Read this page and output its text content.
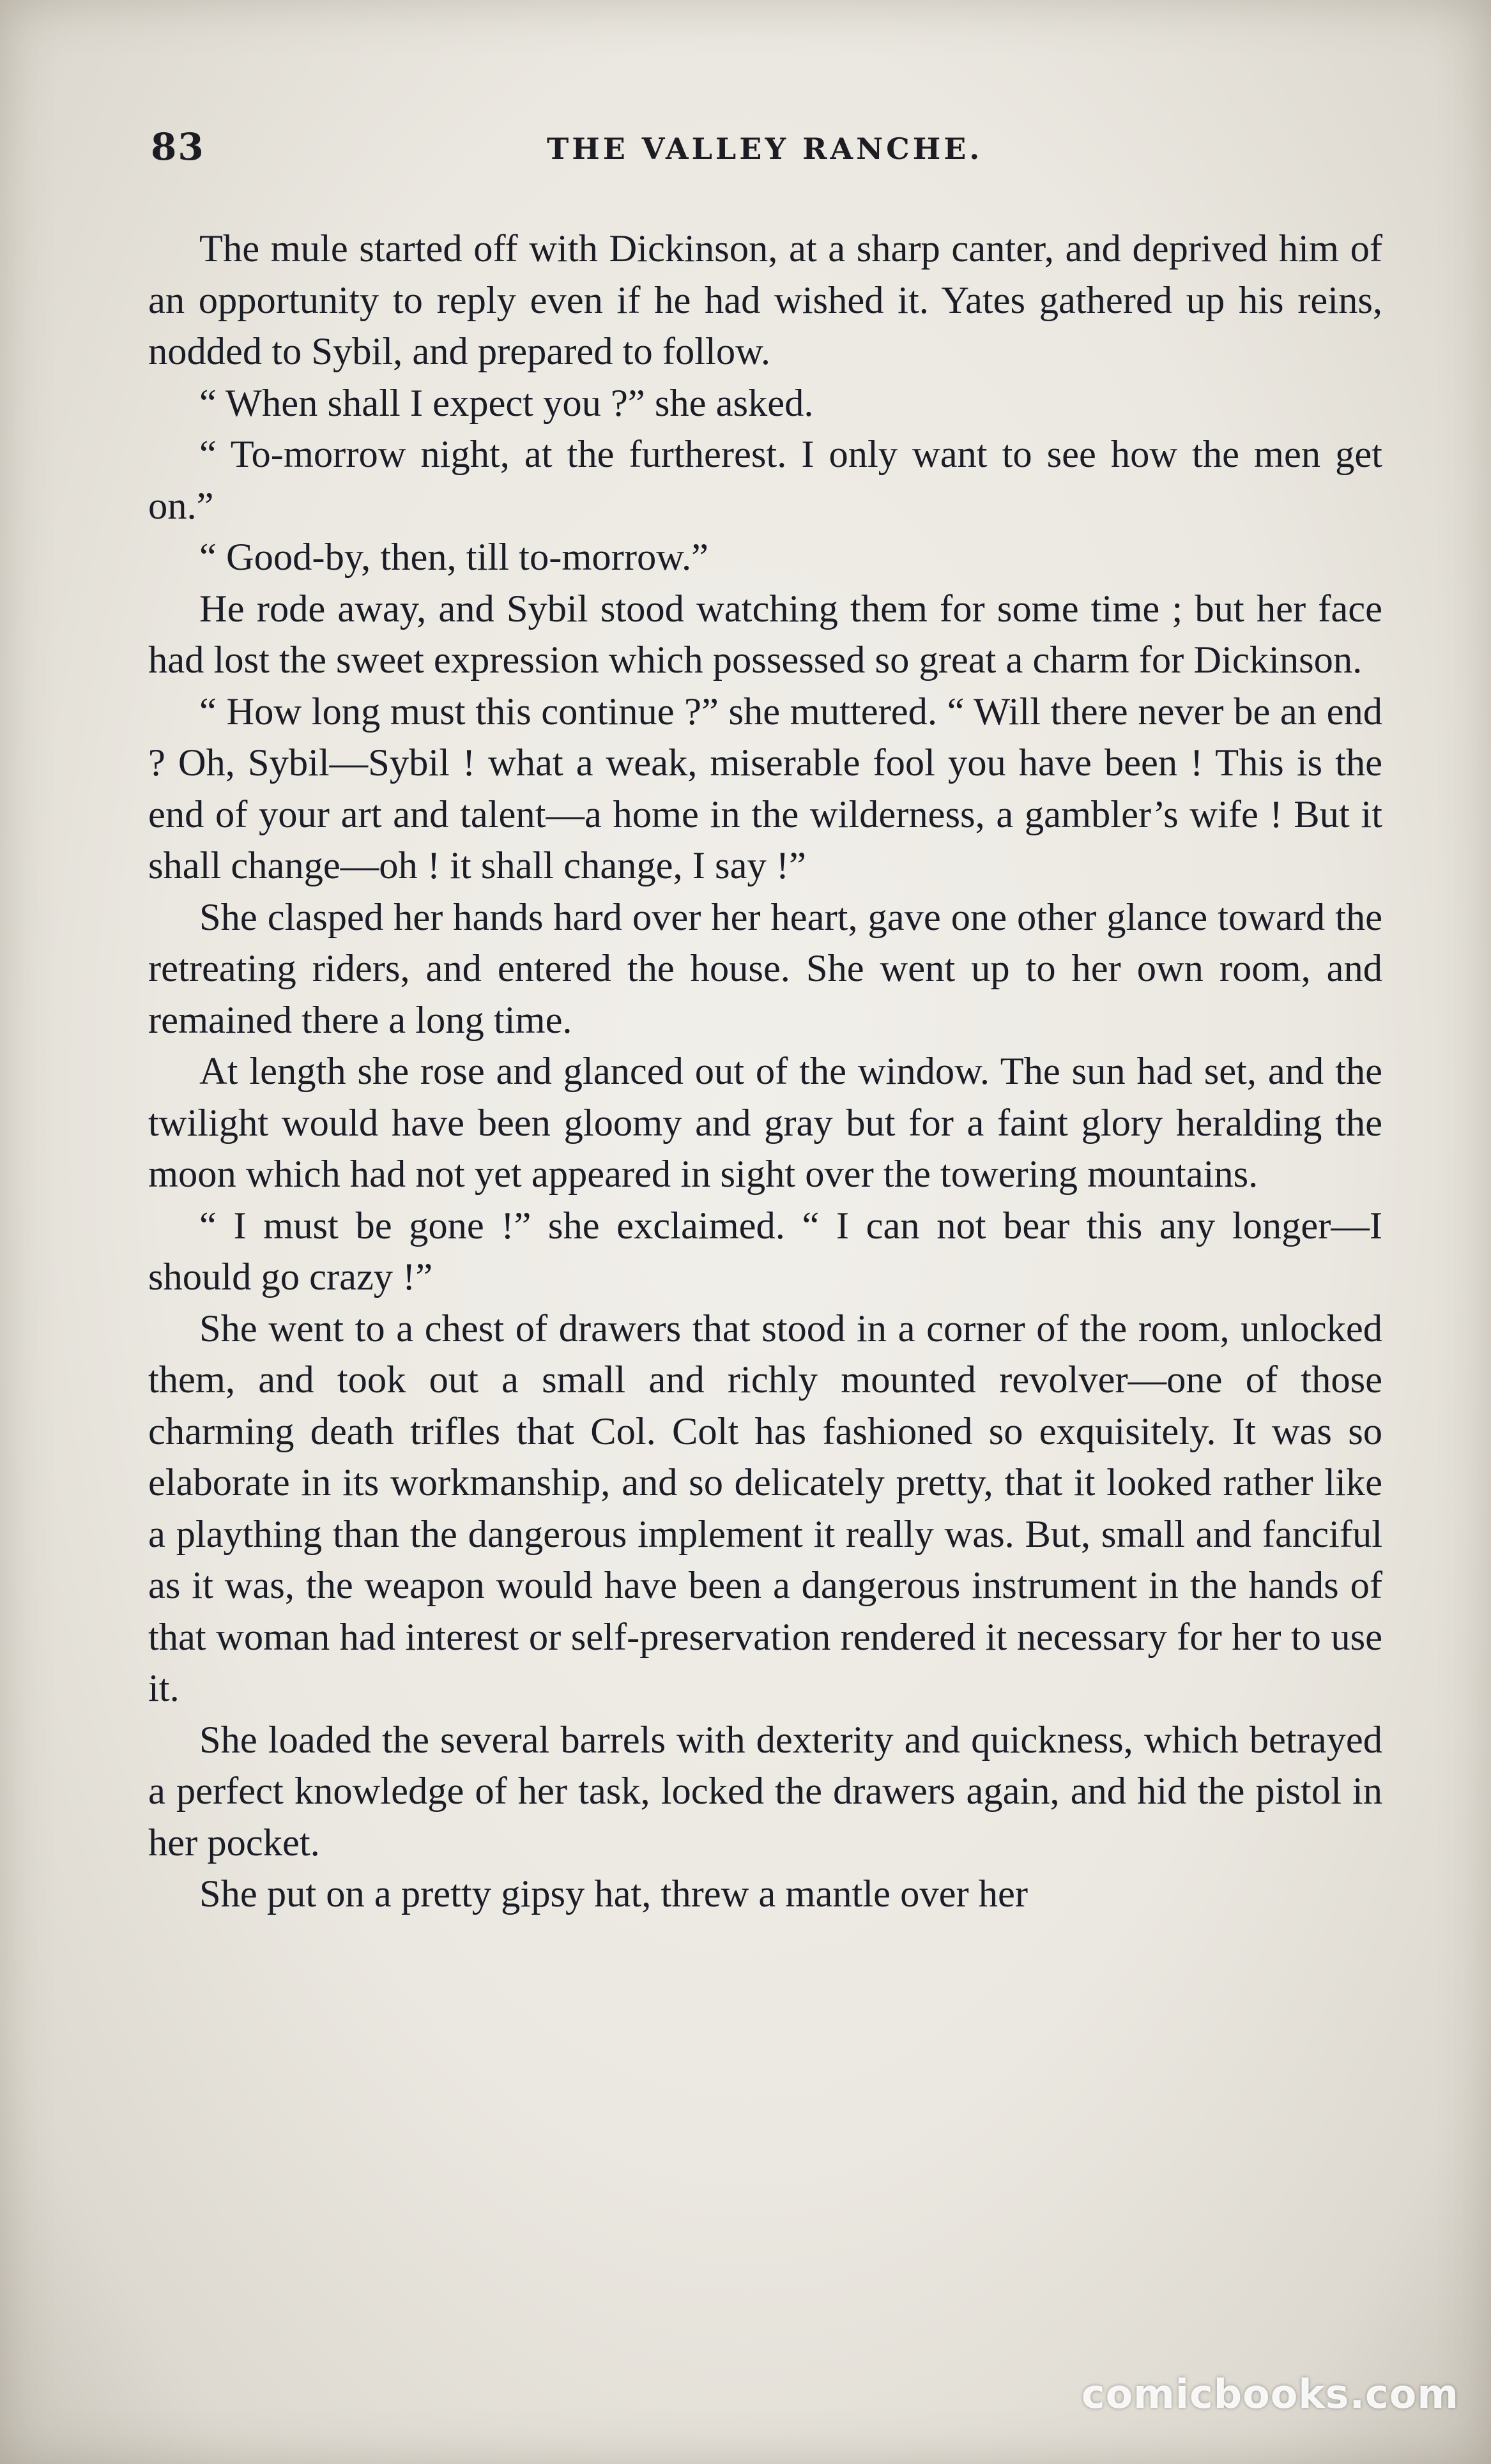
83	THE VALLEY RANCHE.

The mule started off with Dickinson, at a sharp canter, and deprived him of an opportunity to reply even if he had wished it. Yates gathered up his reins, nodded to Sybil, and prepared to follow.

“ When shall I expect you ?” she asked.

“ To-morrow night, at the furtherest. I only want to see how the men get on.”

“ Good-by, then, till to-morrow.”

He rode away, and Sybil stood watching them for some time ; but her face had lost the sweet expression which possessed so great a charm for Dickinson.

“ How long must this continue ?” she muttered. “ Will there never be an end ? Oh, Sybil—Sybil ! what a weak, miserable fool you have been ! This is the end of your art and talent—a home in the wilderness, a gambler’s wife ! But it shall change—oh ! it shall change, I say !”

She clasped her hands hard over her heart, gave one other glance toward the retreating riders, and entered the house. She went up to her own room, and remained there a long time.

At length she rose and glanced out of the window. The sun had set, and the twilight would have been gloomy and gray but for a faint glory heralding the moon which had not yet appeared in sight over the towering mountains.

“ I must be gone !” she exclaimed. “ I can not bear this any longer—I should go crazy !”

She went to a chest of drawers that stood in a corner of the room, unlocked them, and took out a small and richly mounted revolver—one of those charming death trifles that Col. Colt has fashioned so exquisitely. It was so elaborate in its workmanship, and so delicately pretty, that it looked rather like a plaything than the dangerous implement it really was. But, small and fanciful as it was, the weapon would have been a dangerous instrument in the hands of that woman had interest or self-preservation rendered it necessary for her to use it.

She loaded the several barrels with dexterity and quickness, which betrayed a perfect knowledge of her task, locked the drawers again, and hid the pistol in her pocket.

She put on a pretty gipsy hat, threw a mantle over her

comicbooks.com
